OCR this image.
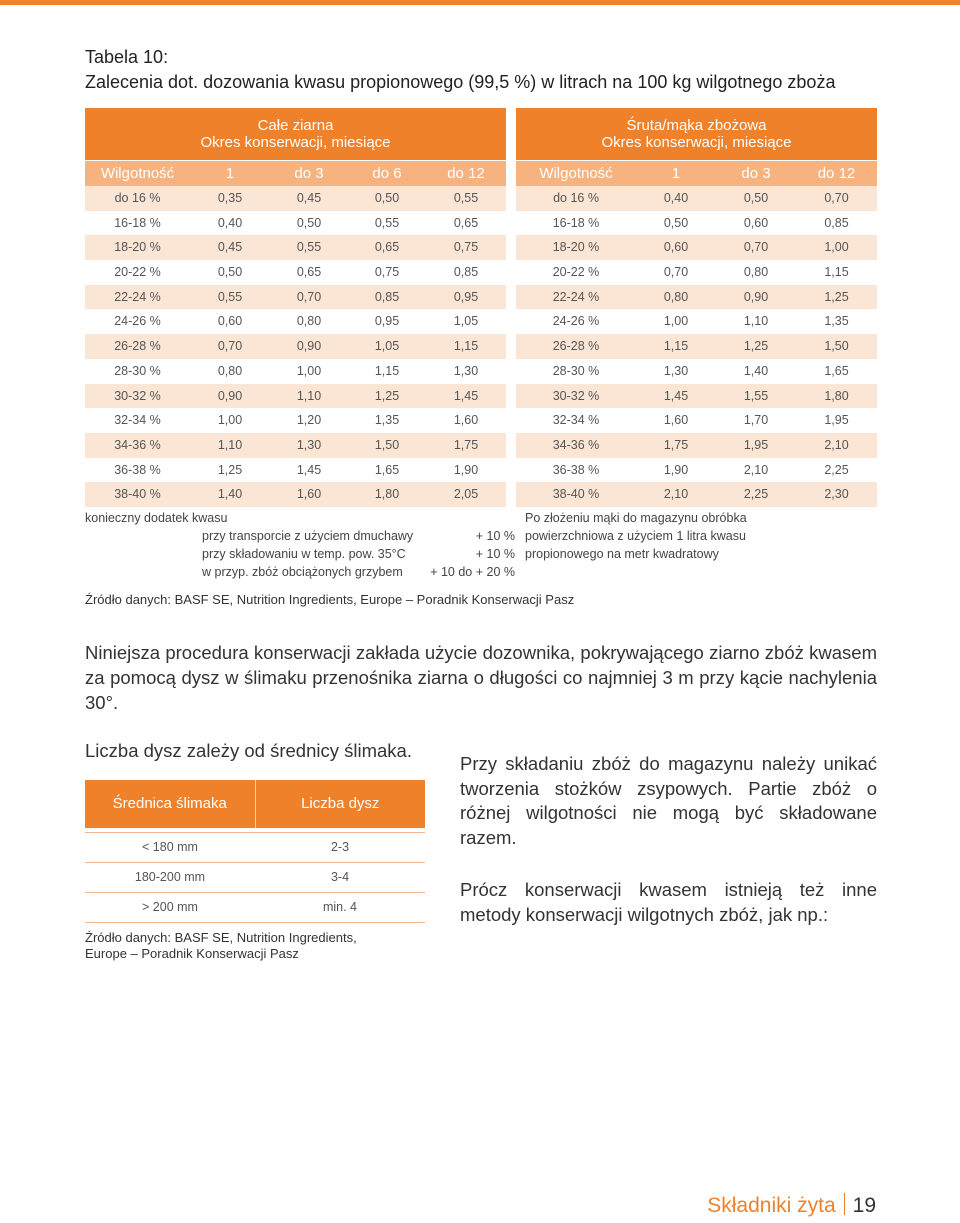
Tabela 10:
Zalecenia dot. dozowania kwasu propionowego (99,5 %) w litrach na 100 kg wilgotnego zboża
Całe ziarna
Okres konserwacji, miesiące
Wilgotność	1	do 3	do 6	do 12
do 16 %	0,35	0,45	0,50	0,55
16-18 %	0,40	0,50	0,55	0,65
18-20 %	0,45	0,55	0,65	0,75
20-22 %	0,50	0,65	0,75	0,85
22-24 %	0,55	0,70	0,85	0,95
24-26 %	0,60	0,80	0,95	1,05
26-28 %	0,70	0,90	1,05	1,15
28-30 %	0,80	1,00	1,15	1,30
30-32 %	0,90	1,10	1,25	1,45
32-34 %	1,00	1,20	1,35	1,60
34-36 %	1,10	1,30	1,50	1,75
36-38 %	1,25	1,45	1,65	1,90
38-40 %	1,40	1,60	1,80	2,05
Śruta/mąka zbożowa
Okres konserwacji, miesiące
Wilgotność	1	do 3	do 12
do 16 %	0,40	0,50	0,70
16-18 %	0,50	0,60	0,85
18-20 %	0,60	0,70	1,00
20-22 %	0,70	0,80	1,15
22-24 %	0,80	0,90	1,25
24-26 %	1,00	1,10	1,35
26-28 %	1,15	1,25	1,50
28-30 %	1,30	1,40	1,65
30-32 %	1,45	1,55	1,80
32-34 %	1,60	1,70	1,95
34-36 %	1,75	1,95	2,10
36-38 %	1,90	2,10	2,25
38-40 %	2,10	2,25	2,30
konieczny dodatek kwasu
przy transporcie z użyciem dmuchawy	+ 10 %
przy składowaniu w temp. pow. 35°C	+ 10 %
w przyp. zbóż obciążonych grzybem + 10 do + 20 %
Po złożeniu mąki do magazynu obróbka
powierzchniowa z użyciem 1 litra kwasu
propionowego na metr kwadratowy
Źródło danych: BASF SE, Nutrition Ingredients, Europe – Poradnik Konserwacji Pasz
Niniejsza procedura konserwacji zakłada użycie dozownika, pokrywającego ziarno zbóż kwasem za pomocą dysz w ślimaku przenośnika ziarna o długości co najmniej 3 m przy kącie nachylenia 30°.
Liczba dysz zależy od średnicy ślimaka.
Średnica ślimaka	Liczba dysz
< 180 mm	2-3
180-200 mm	3-4
> 200 mm	min. 4
Źródło danych: BASF SE, Nutrition Ingredients, Europe – Poradnik Konserwacji Pasz
Przy składaniu zbóż do magazynu należy unikać tworzenia stożków zsypowych. Partie zbóż o różnej wilgotności nie mogą być składowane razem.
Prócz konserwacji kwasem istnieją też inne metody konserwacji wilgotnych zbóż, jak np.:
Składniki żyta 19
